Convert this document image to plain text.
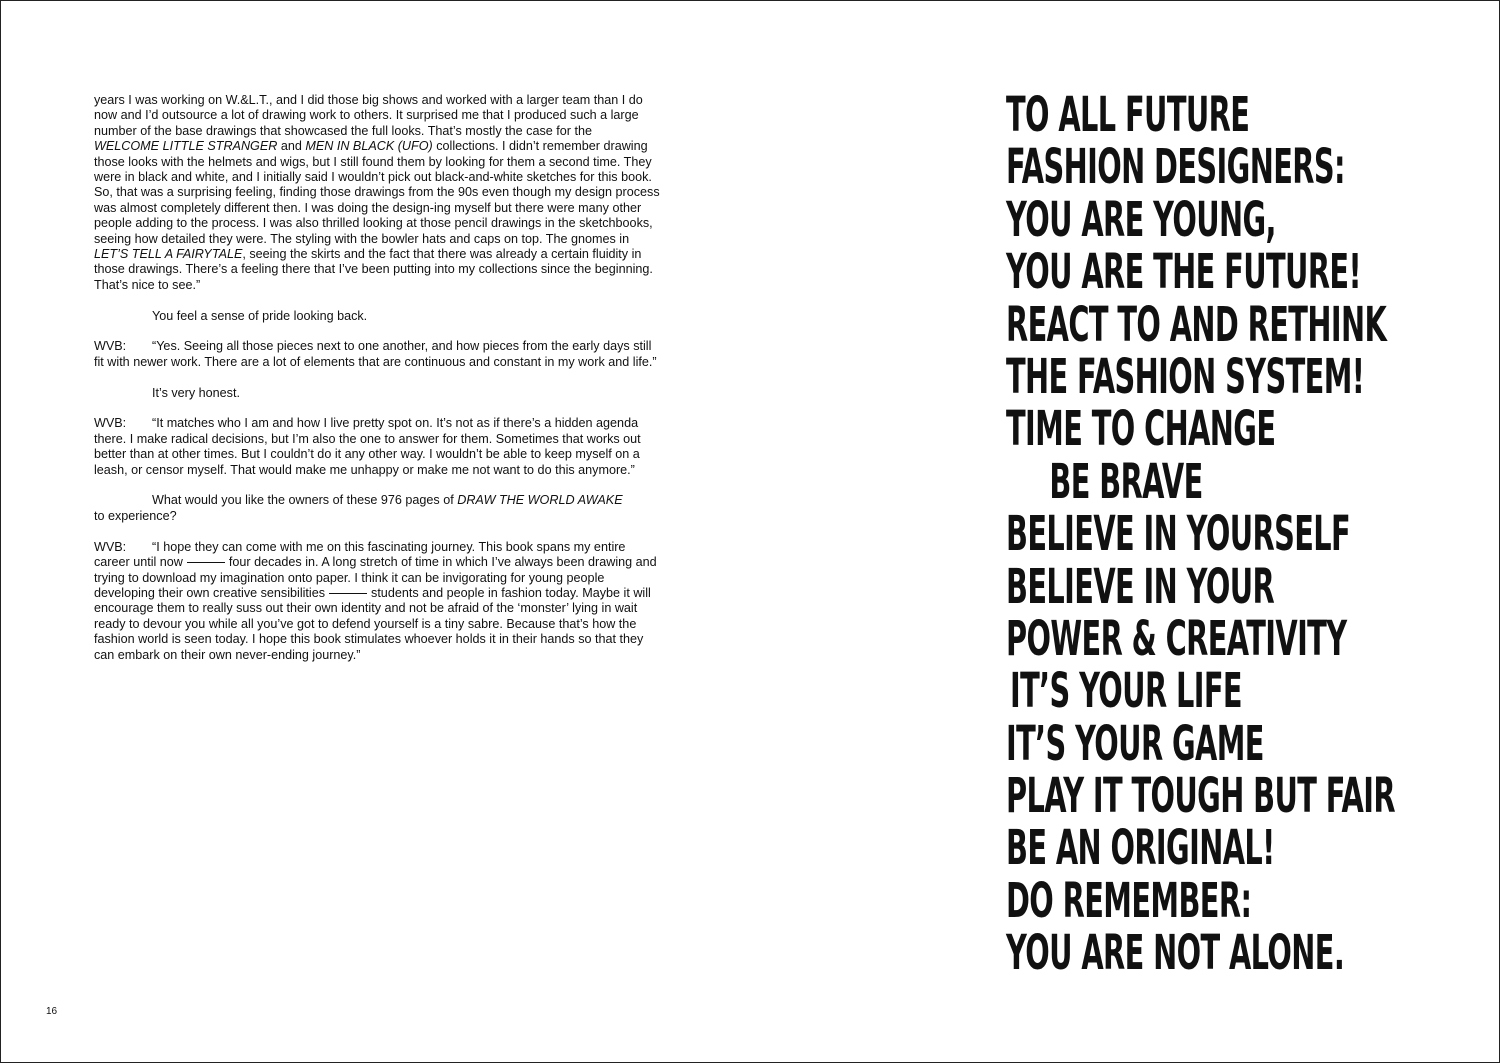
years I was working on W.&L.T., and I did those big shows and worked with a larger team than I do now and I’d outsource a lot of drawing work to others. It surprised me that I produced such a large number of the base drawings that showcased the full looks. That’s mostly the case for the WELCOME LITTLE STRANGER and MEN IN BLACK (UFO) collections. I didn’t remember drawing those looks with the helmets and wigs, but I still found them by looking for them a second time. They were in black and white, and I initially said I wouldn’t pick out black-and-white sketches for this book. So, that was a surprising feeling, finding those drawings from the 90s even though my design process was almost completely different then. I was doing the design-ing myself but there were many other people adding to the process. I was also thrilled looking at those pencil drawings in the sketchbooks, seeing how detailed they were. The styling with the bowler hats and caps on top. The gnomes in LET’S TELL A FAIRYTALE, seeing the skirts and the fact that there was already a certain fluidity in those drawings. There’s a feeling there that I’ve been putting into my collections since the beginning. That’s nice to see.”

You feel a sense of pride looking back.

WVB: “Yes. Seeing all those pieces next to one another, and how pieces from the early days still fit with newer work. There are a lot of elements that are continuous and constant in my work and life.”

It’s very honest.

WVB: “It matches who I am and how I live pretty spot on. It’s not as if there’s a hidden agenda there. I make radical decisions, but I’m also the one to answer for them. Sometimes that works out better than at other times. But I couldn’t do it any other way. I wouldn’t be able to keep myself on a leash, or censor myself. That would make me unhappy or make me not want to do this anymore.”

What would you like the owners of these 976 pages of DRAW THE WORLD AWAKE
to experience?

WVB: “I hope they can come with me on this fascinating journey. This book spans my entire career until now	four decades in. A long stretch of time in which I’ve always been drawing and trying to download my imagination onto paper. I think it can be invigorating for young people developing their own creative sensibilities	students and people in fashion today. Maybe it will encourage them to really suss out their own identity and not be afraid of the ‘monster’ lying in wait ready to devour you while all you’ve got to defend yourself is a tiny sabre. Because that’s how the fashion world is seen today. I hope this book stimulates whoever holds it in their hands so that they can embark on their own never-ending journey.”

16
TO ALL FUTURE
FASHION DESIGNERS:
YOU ARE YOUNG,
YOU ARE THE FUTURE!
REACT TO AND RETHINK
THE FASHION SYSTEM!
TIME TO CHANGE
BE BRAVE
BELIEVE IN YOURSELF
BELIEVE IN YOUR
POWER & CREATIVITY
IT’S YOUR LIFE
IT’S YOUR GAME
PLAY IT TOUGH BUT FAIR
BE AN ORIGINAL!
DO REMEMBER:
YOU ARE NOT ALONE.
